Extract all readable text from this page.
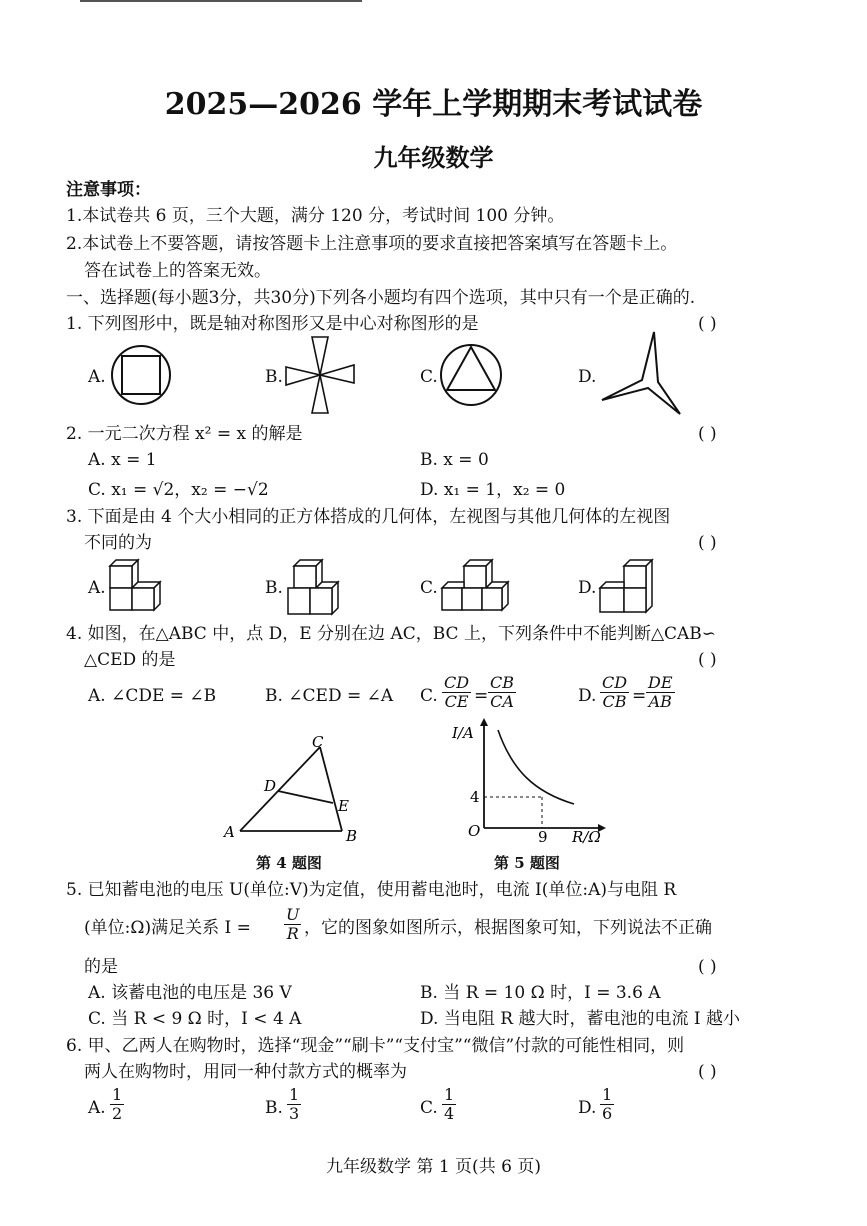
2025—2026 学年上学期期末考试试卷
九年级数学
注意事项：
1.本试卷共 6 页，三个大题，满分 120 分，考试时间 100 分钟。
2.本试卷上不要答题，请按答题卡上注意事项的要求直接把答案填写在答题卡上。
答在试卷上的答案无效。
一、选择题(每小题3分，共30分)下列各小题均有四个选项，其中只有一个是正确的.
1. 下列图形中，既是轴对称图形又是中心对称图形的是	( )
A.	B.	C.	D.
2. 一元二次方程 x² = x 的解是	( )
A. x = 1	B. x = 0
C. x₁ = √2，x₂ = −√2	D. x₁ = 1，x₂ = 0
3. 下面是由 4 个大小相同的正方体搭成的几何体，左视图与其他几何体的左视图
不同的为	( )
A.	B.	C.	D.
4. 如图，在△ABC 中，点 D，E 分别在边 AC，BC 上，下列条件中不能判断△CAB∽
△CED 的是	( )
A. ∠CDE = ∠B	B. ∠CED = ∠A C. $\frac{CD}{CE} = \frac{CB}{CA}$	D. $\frac{CD}{CB} = \frac{DE}{AB}$
A	B
C
D
E
第 4 题图
I/A
R/Ω
O
4
9
第 5 题图
5. 已知蓄电池的电压 U(单位:V)为定值，使用蓄电池时，电流 I(单位:A)与电阻 R
(单位:Ω)满足关系 $I = \frac{U}{R}$ ，它的图象如图所示，根据图象可知，下列说法不正确
的是	( )
A. 该蓄电池的电压是 36 V	B. 当 R = 10 Ω 时，I = 3.6 A
C. 当 R < 9 Ω 时，I < 4 A	D. 当电阻 R 越大时，蓄电池的电流 I 越小
6. 甲、乙两人在购物时，选择“现金”“刷卡”“支付宝”“微信”付款的可能性相同，则
两人在购物时，用同一种付款方式的概率为	( )
A. $\frac{1}{2}$	B. $\frac{1}{3}$	C. $\frac{1}{4}$	D. $\frac{1}{6}$
九年级数学 第 1 页(共 6 页)
